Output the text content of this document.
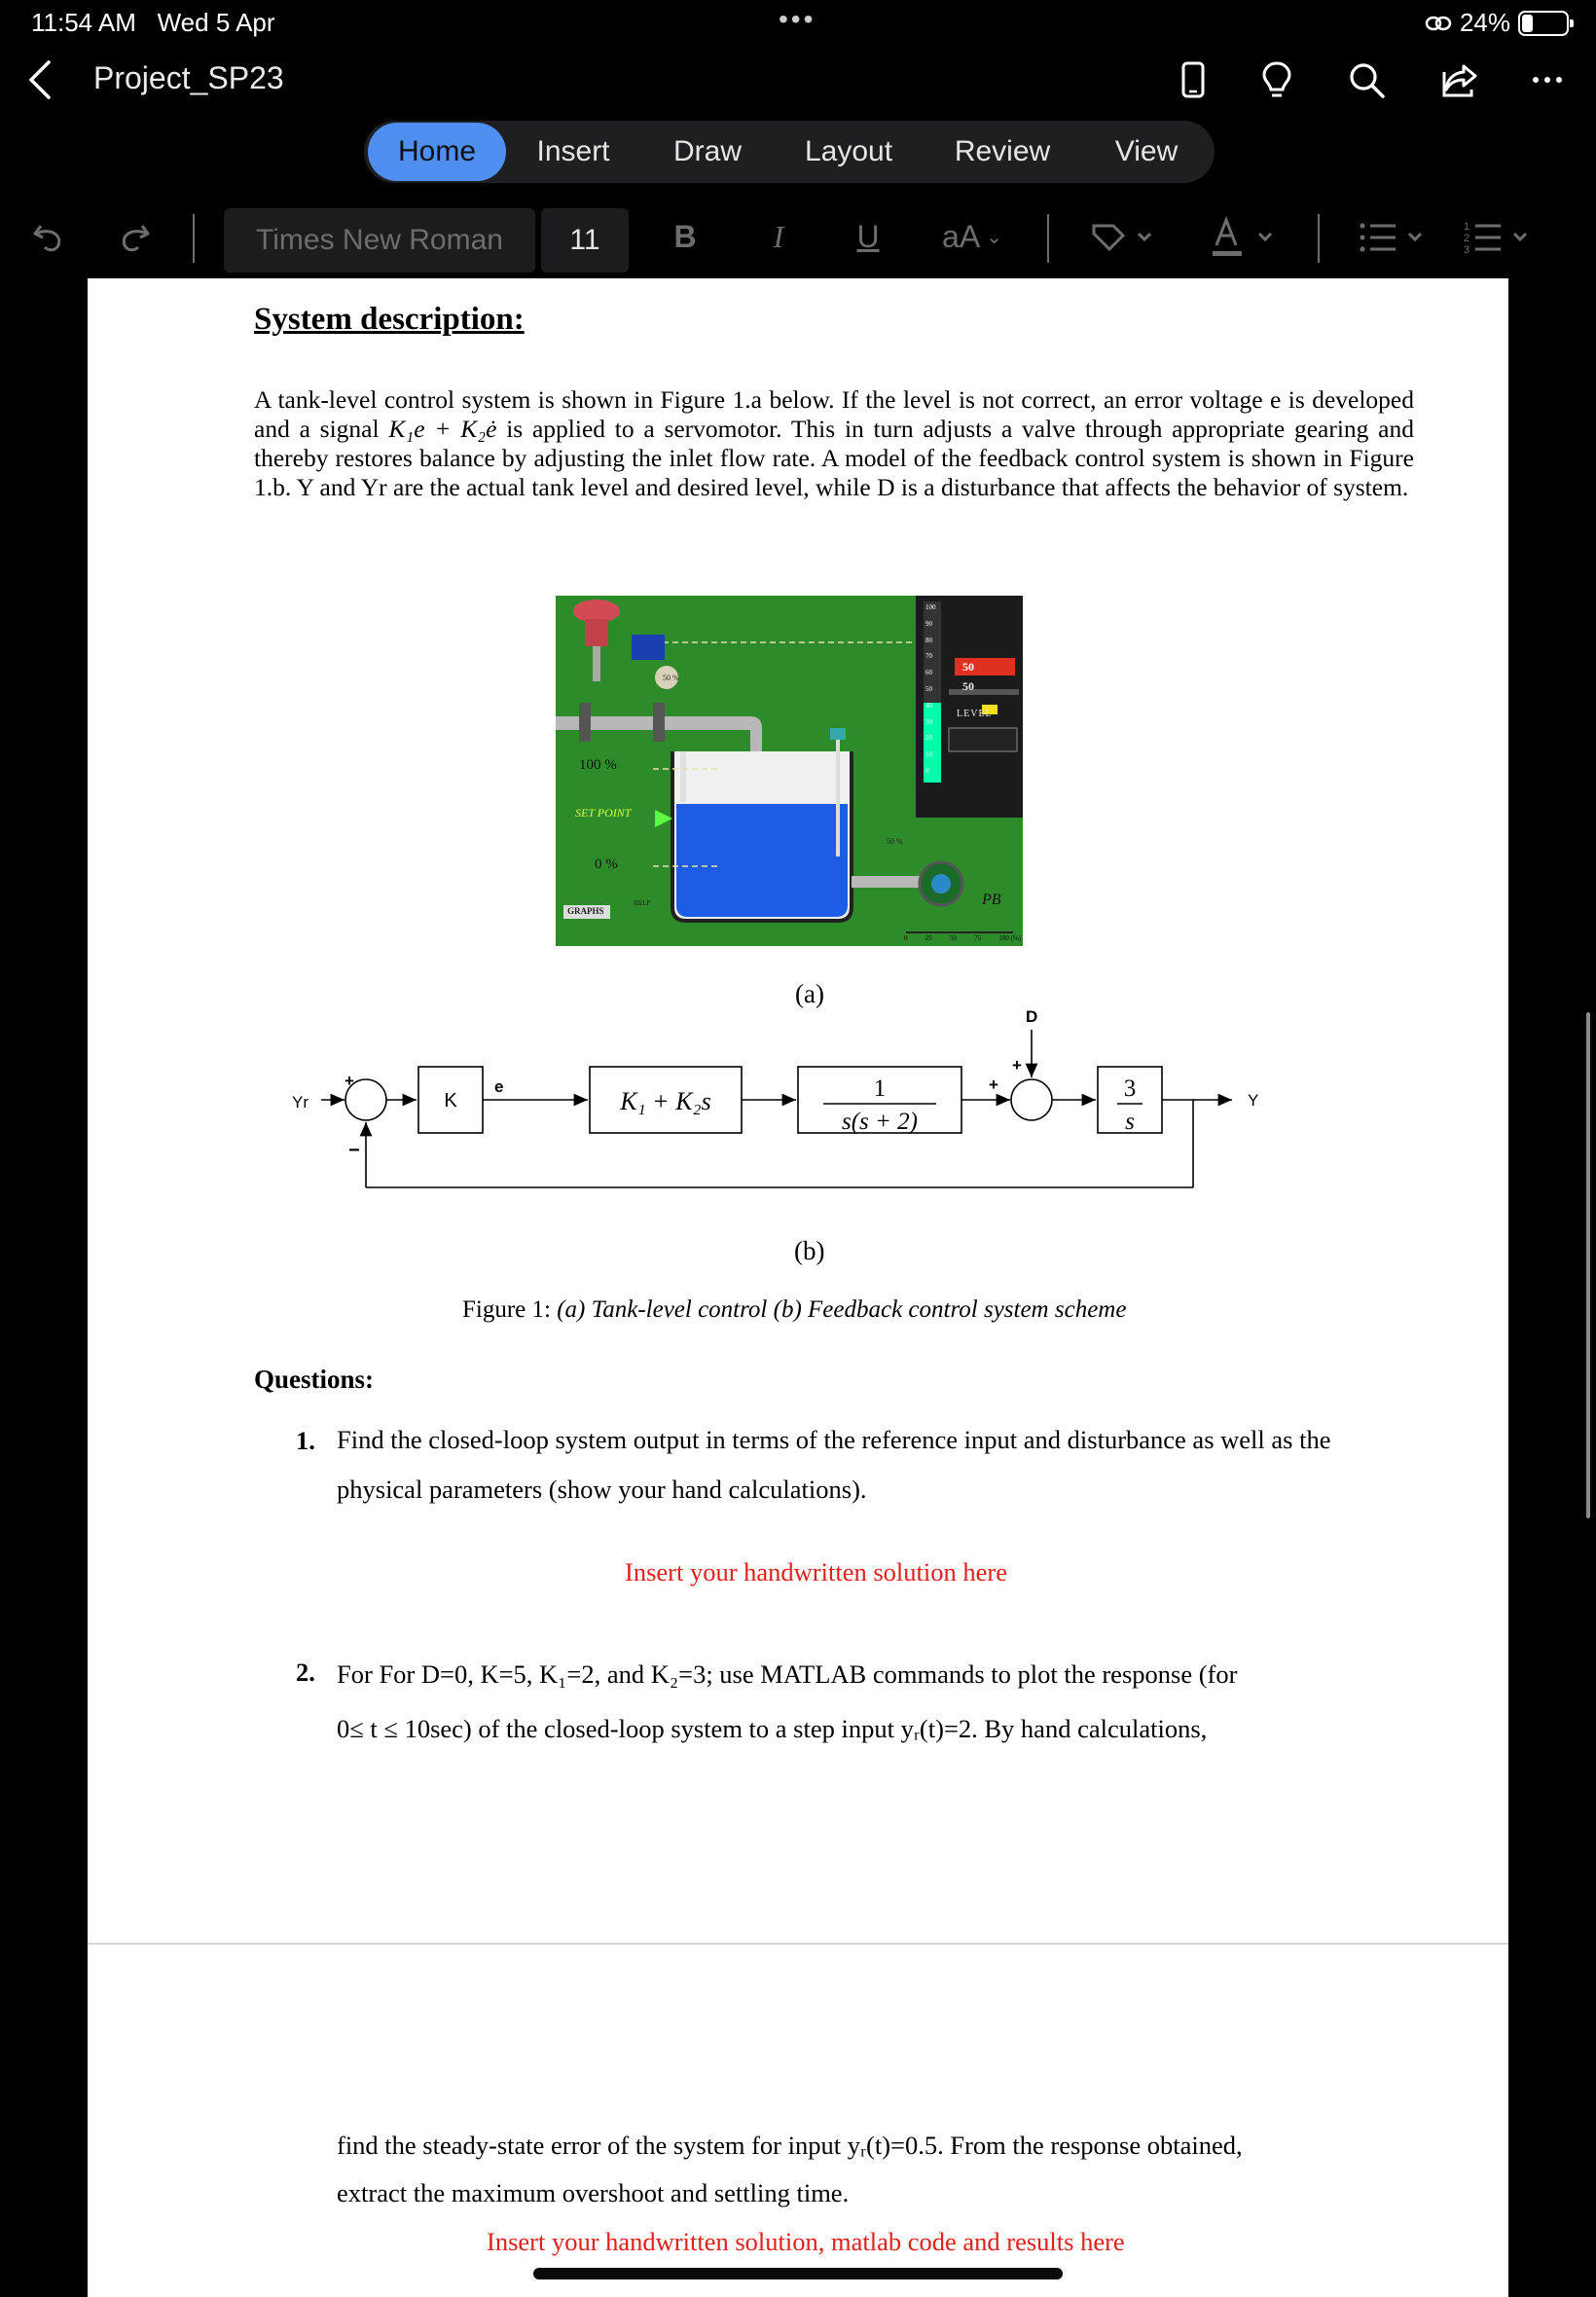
11:54 AM Wed 5 Apr	•••	24%
Project_SP23
Home	Insert	Draw	Layout	Review	View
Times New Roman	11	B	I	U	aA ⌄	1
2
3
System description:
A tank-level control system is shown in Figure 1.a below. If the level is not correct, an error voltage e is developed and a signal K₁e + K₂ė is applied to a servomotor. This in turn adjusts a valve through appropriate gearing and thereby restores balance by adjusting the inlet flow rate. A model of the feedback control system is shown in Figure 1.b. Y and Yr are the actual tank level and desired level, while D is a disturbance that affects the behavior of system.
100 %
SET POINT
0 %
GRAPHS
HELP
50 %
50 %
50
50
LEVEL
100
90
80
70
60
50
40
30
20
10
0
0	25	50	75	100 (%)
PB
(a)
Yr	Y
D
+
−
+
+
K
e
K₁ + K₂s	1
s(s + 2)
3
s
(b)
Figure 1: (a) Tank-level control (b) Feedback control system scheme
Questions:
1. Find the closed-loop system output in terms of the reference input and disturbance as well as the physical parameters (show your hand calculations).
Insert your handwritten solution here
2. For For D=0, K=5, K₁=2, and K₂=3; use MATLAB commands to plot the response (for
0≤ t ≤ 10sec) of the closed-loop system to a step input yᵣ(t)=2. By hand calculations,
find the steady-state error of the system for input yᵣ(t)=0.5. From the response obtained,
extract the maximum overshoot and settling time.
Insert your handwritten solution, matlab code and results here
